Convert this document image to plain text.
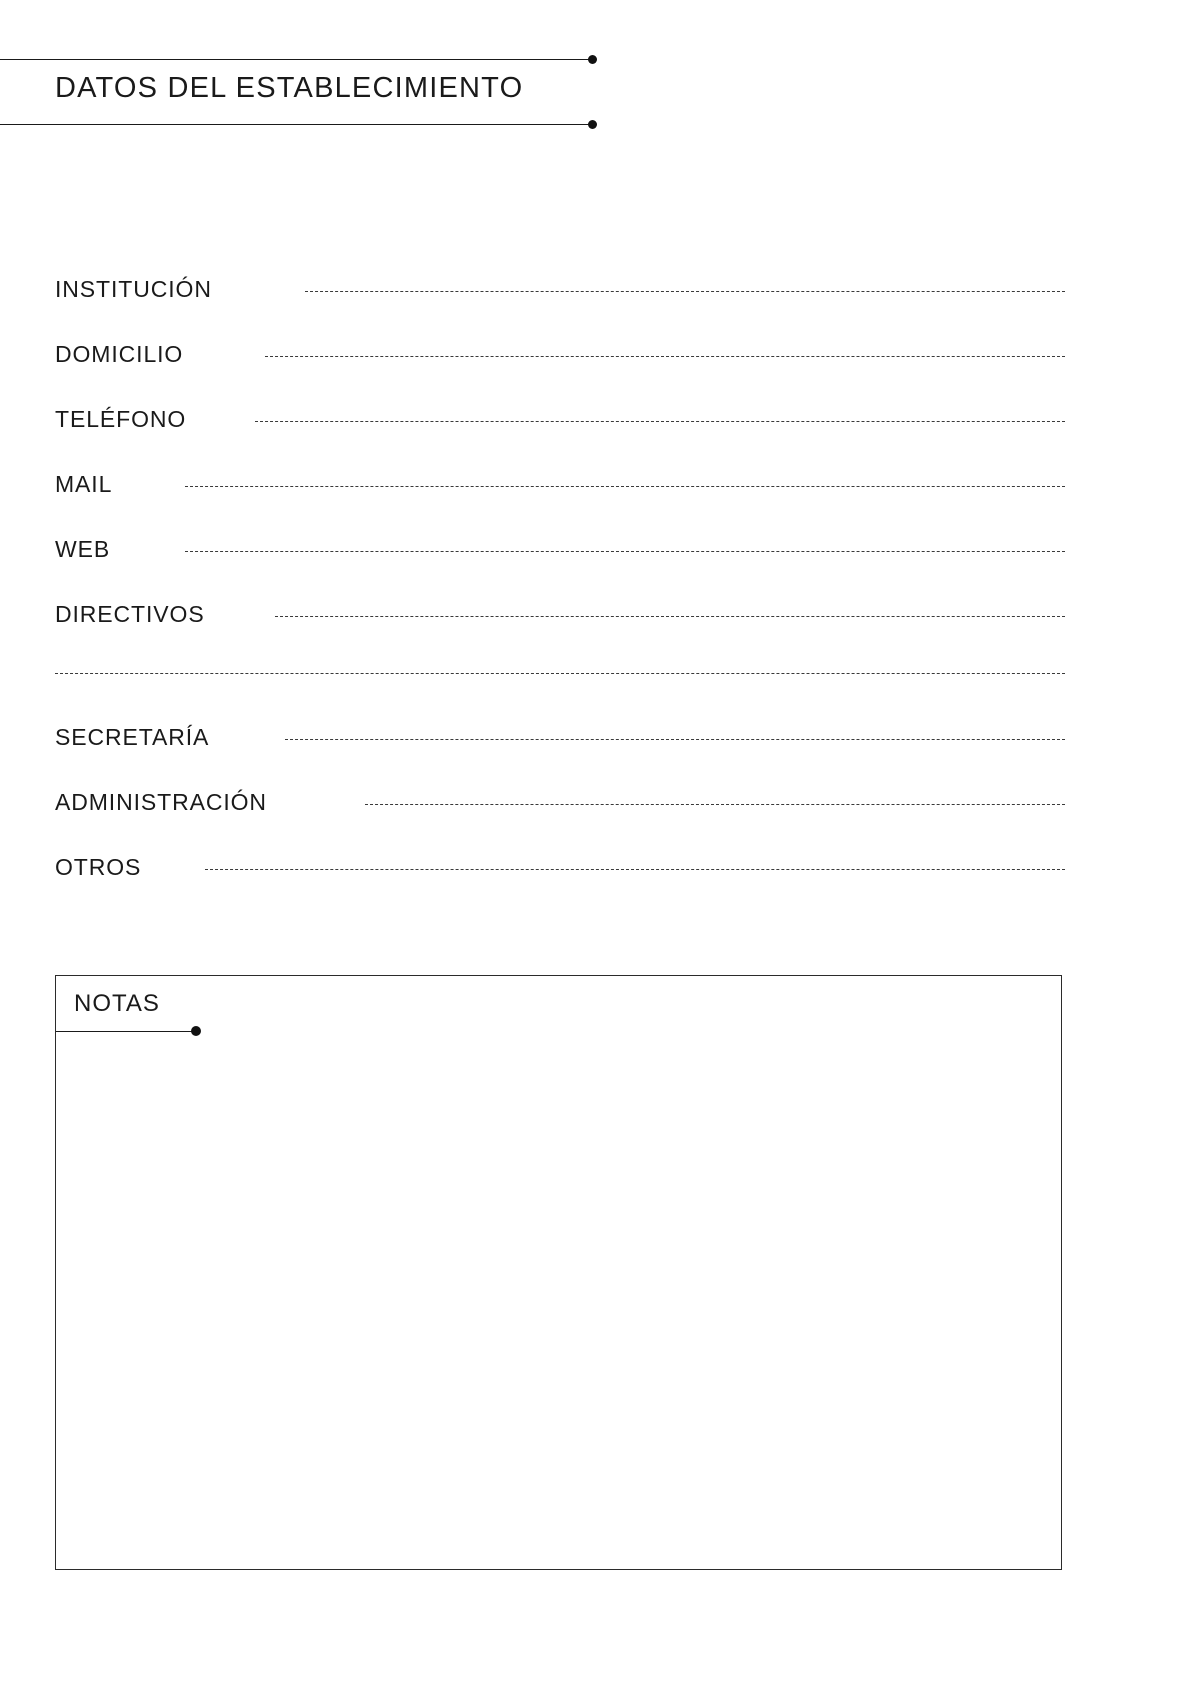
DATOS DEL ESTABLECIMIENTO
INSTITUCIÓN
DOMICILIO
TELÉFONO
MAIL
WEB
DIRECTIVOS
SECRETARÍA
ADMINISTRACIÓN
OTROS
NOTAS
